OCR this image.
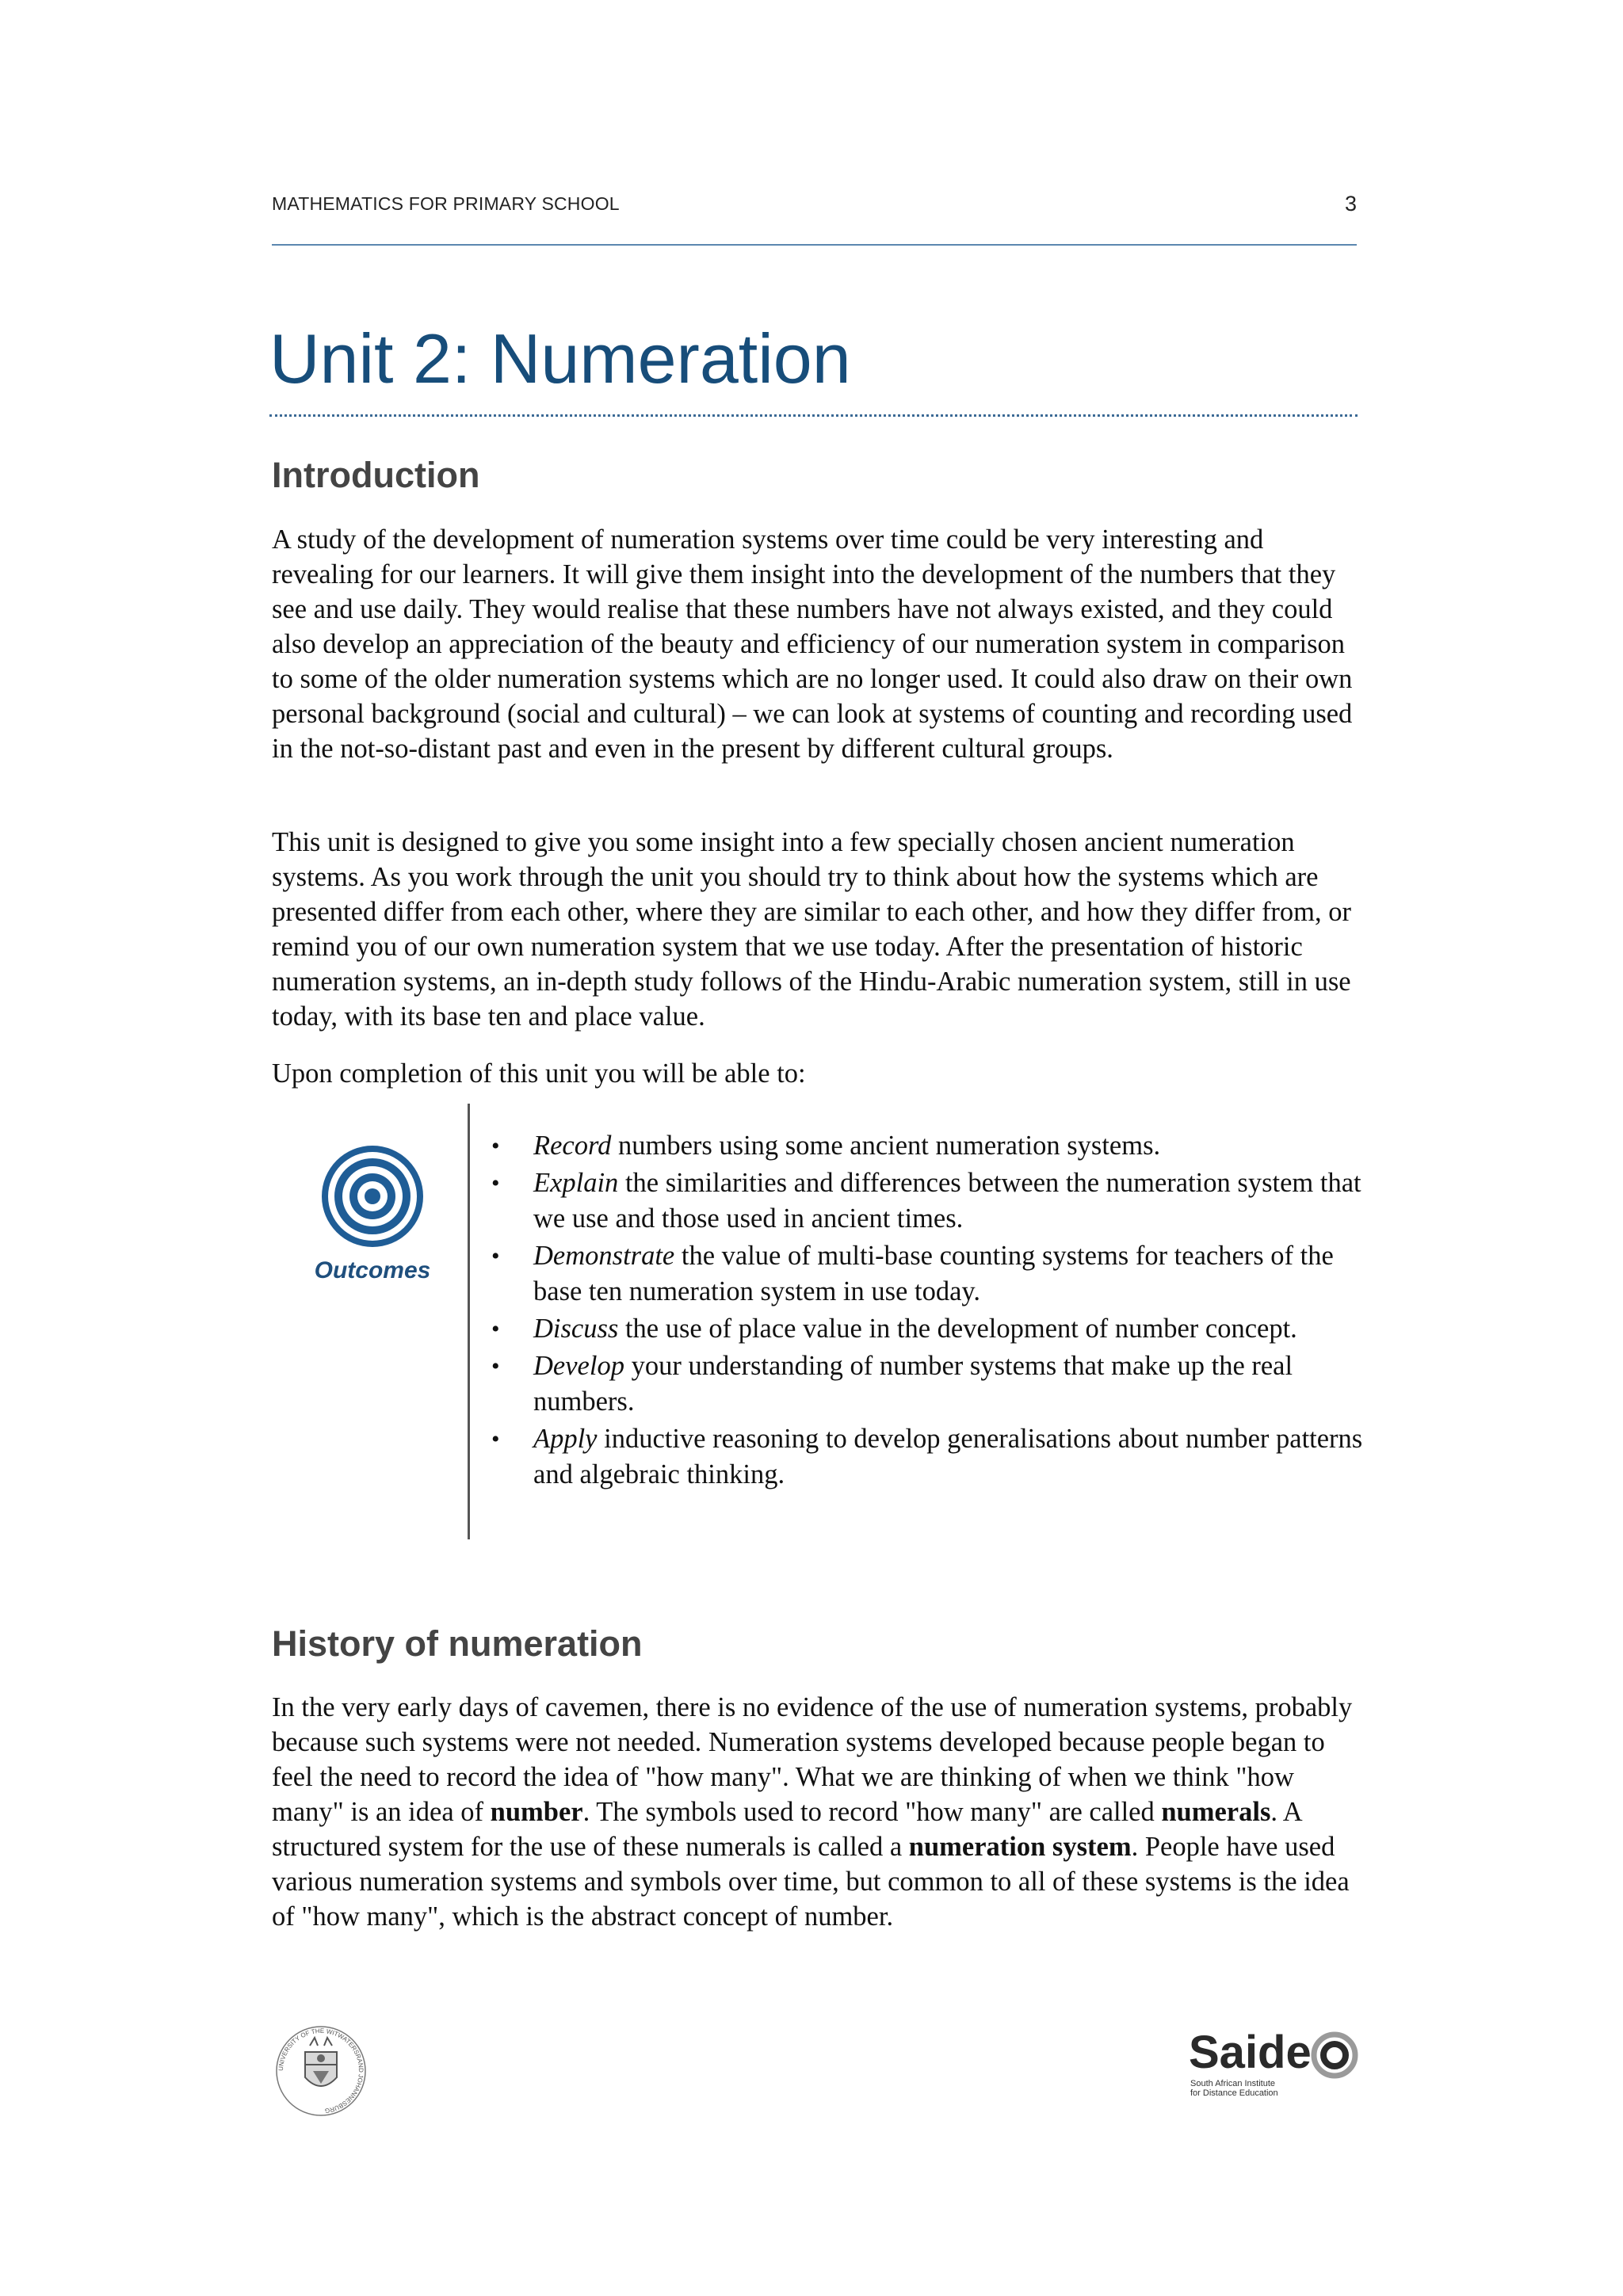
MATHEMATICS FOR PRIMARY SCHOOL	3
Unit 2: Numeration
Introduction

A study of the development of numeration systems over time could be very interesting and revealing for our learners. It will give them insight into the development of the numbers that they see and use daily. They would realise that these numbers have not always existed, and they could also develop an appreciation of the beauty and efficiency of our numeration system in comparison to some of the older numeration systems which are no longer used. It could also draw on their own personal background (social and cultural) – we can look at systems of counting and recording used in the not-so-distant past and even in the present by different cultural groups.

This unit is designed to give you some insight into a few specially chosen ancient numeration systems. As you work through the unit you should try to think about how the systems which are presented differ from each other, where they are similar to each other, and how they differ from, or remind you of our own numeration system that we use today. After the presentation of historic numeration systems, an in-depth study follows of the Hindu-Arabic numeration system, still in use today, with its base ten and place value.

Upon completion of this unit you will be able to:

Outcomes
• Record numbers using some ancient numeration systems.
• Explain the similarities and differences between the numeration system that we use and those used in ancient times.
• Demonstrate the value of multi-base counting systems for teachers of the base ten numeration system in use today.
• Discuss the use of place value in the development of number concept.
• Develop your understanding of number systems that make up the real numbers.
• Apply inductive reasoning to develop generalisations about number patterns and algebraic thinking.
History of numeration

In the very early days of cavemen, there is no evidence of the use of numeration systems, probably because such systems were not needed. Numeration systems developed because people began to feel the need to record the idea of "how many". What we are thinking of when we think "how many" is an idea of number. The symbols used to record "how many" are called numerals. A structured system for the use of these numerals is called a numeration system. People have used various numeration systems and symbols over time, but common to all of these systems is the idea of "how many", which is the abstract concept of number.

UNIVERSITY OF THE WITWATERSRAND JOHANNESBURG
Saide
South African Institute
for Distance Education
